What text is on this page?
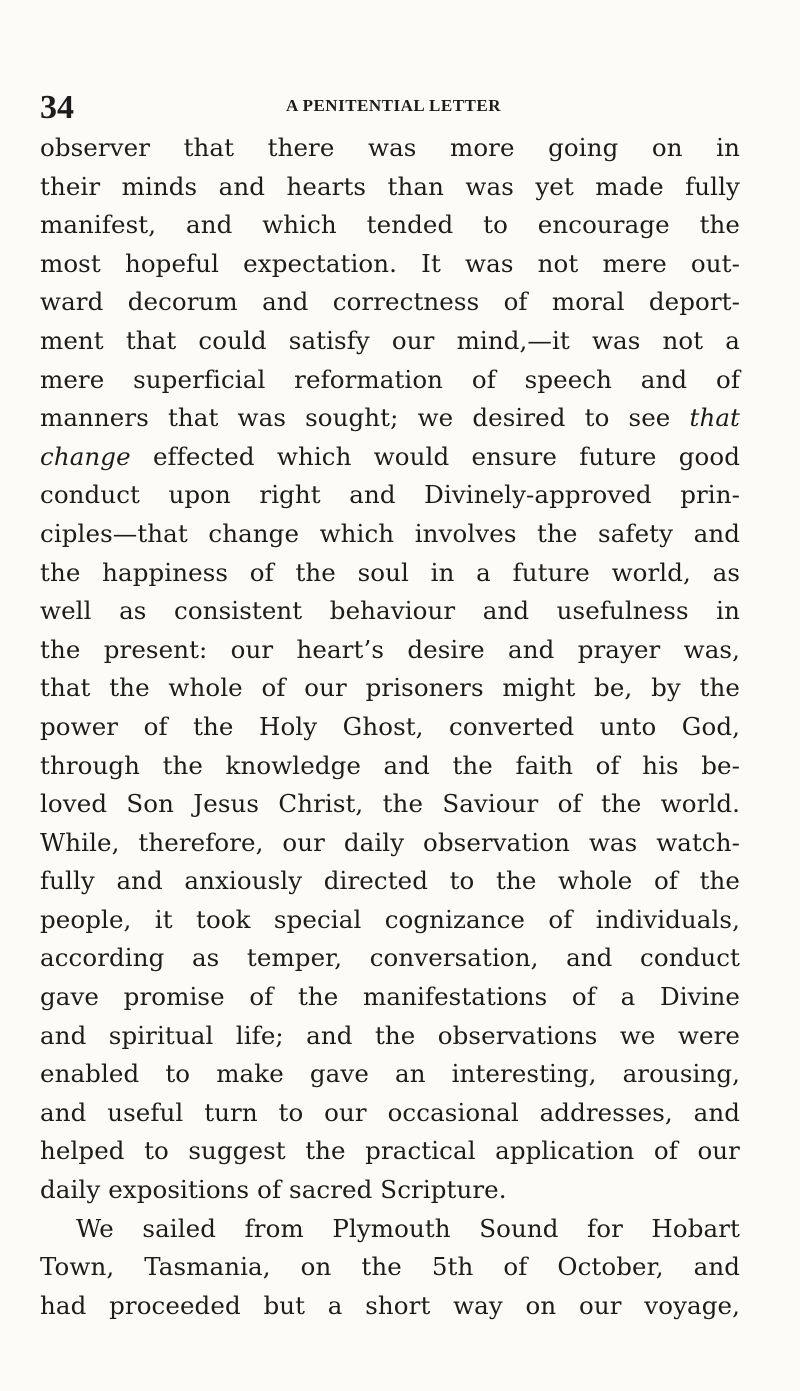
34	A PENITENTIAL LETTER
observer that there was more going on in
their minds and hearts than was yet made fully
manifest, and which tended to encourage the
most hopeful expectation. It was not mere out-
ward decorum and correctness of moral deport-
ment that could satisfy our mind,—it was not a
mere superficial reformation of speech and of
manners that was sought; we desired to see that
change effected which would ensure future good
conduct upon right and Divinely-approved prin-
ciples—that change which involves the safety and
the happiness of the soul in a future world, as
well as consistent behaviour and usefulness in
the present: our heart’s desire and prayer was,
that the whole of our prisoners might be, by the
power of the Holy Ghost, converted unto God,
through the knowledge and the faith of his be-
loved Son Jesus Christ, the Saviour of the world.
While, therefore, our daily observation was watch-
fully and anxiously directed to the whole of the
people, it took special cognizance of individuals,
according as temper, conversation, and conduct
gave promise of the manifestations of a Divine
and spiritual life; and the observations we were
enabled to make gave an interesting, arousing,
and useful turn to our occasional addresses, and
helped to suggest the practical application of our
daily expositions of sacred Scripture.
We sailed from Plymouth Sound for Hobart
Town, Tasmania, on the 5th of October, and
had proceeded but a short way on our voyage,
